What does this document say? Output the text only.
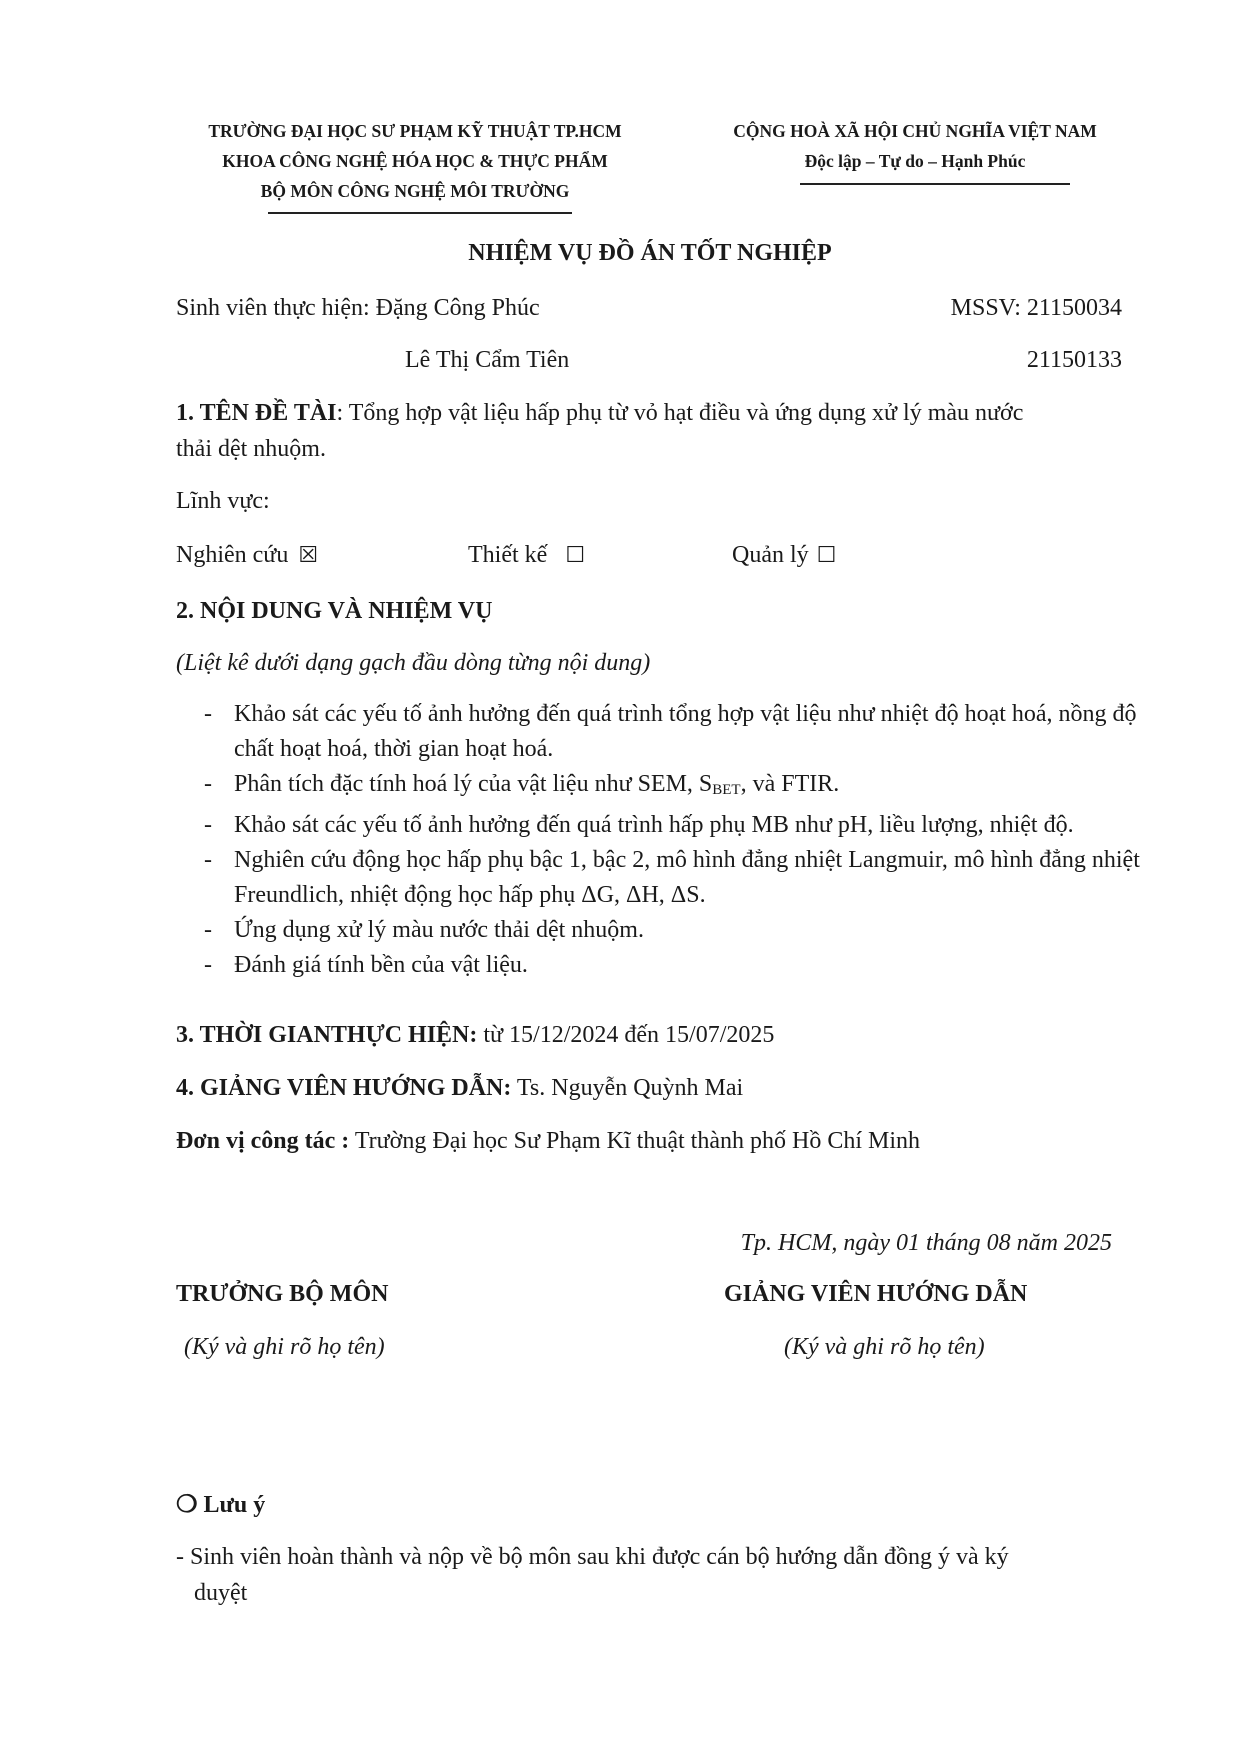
TRƯỜNG ĐẠI HỌC SƯ PHẠM KỸ THUẬT TP.HCM
KHOA CÔNG NGHỆ HÓA HỌC & THỰC PHẨM
BỘ MÔN CÔNG NGHỆ MÔI TRƯỜNG
CỘNG HOÀ XÃ HỘI CHỦ NGHĨA VIỆT NAM
Độc lập – Tự do – Hạnh Phúc
NHIỆM VỤ ĐỒ ÁN TỐT NGHIỆP
Sinh viên thực hiện: Đặng Công Phúc	MSSV: 21150034
Lê Thị Cẩm Tiên	21150133
1. TÊN ĐỀ TÀI: Tổng hợp vật liệu hấp phụ từ vỏ hạt điều và ứng dụng xử lý màu nước
thải dệt nhuộm.
Lĩnh vực:
Nghiên cứu ☒	Thiết kế ☐	Quản lý ☐
2. NỘI DUNG VÀ NHIỆM VỤ
(Liệt kê dưới dạng gạch đầu dòng từng nội dung)
- Khảo sát các yếu tố ảnh hưởng đến quá trình tổng hợp vật liệu như nhiệt độ hoạt hoá, nồng độ chất hoạt hoá, thời gian hoạt hoá.
- Phân tích đặc tính hoá lý của vật liệu như SEM, $S_{BET}$, và FTIR.
- Khảo sát các yếu tố ảnh hưởng đến quá trình hấp phụ MB như pH, liều lượng, nhiệt độ.
- Nghiên cứu động học hấp phụ bậc 1, bậc 2, mô hình đẳng nhiệt Langmuir, mô hình đẳng nhiệt Freundlich, nhiệt động học hấp phụ ΔG, ΔH, ΔS.
- Ứng dụng xử lý màu nước thải dệt nhuộm.
- Đánh giá tính bền của vật liệu.
3. THỜI GIANTHỰC HIỆN: từ 15/12/2024 đến 15/07/2025
4. GIẢNG VIÊN HƯỚNG DẪN: Ts. Nguyễn Quỳnh Mai
Đơn vị công tác : Trường Đại học Sư Phạm Kĩ thuật thành phố Hồ Chí Minh
Tp. HCM, ngày 01 tháng 08 năm 2025
TRƯỞNG BỘ MÔN
(Ký và ghi rõ họ tên)
GIẢNG VIÊN HƯỚNG DẪN
(Ký và ghi rõ họ tên)
❍ Lưu ý
- Sinh viên hoàn thành và nộp về bộ môn sau khi được cán bộ hướng dẫn đồng ý và ký
duyệt
